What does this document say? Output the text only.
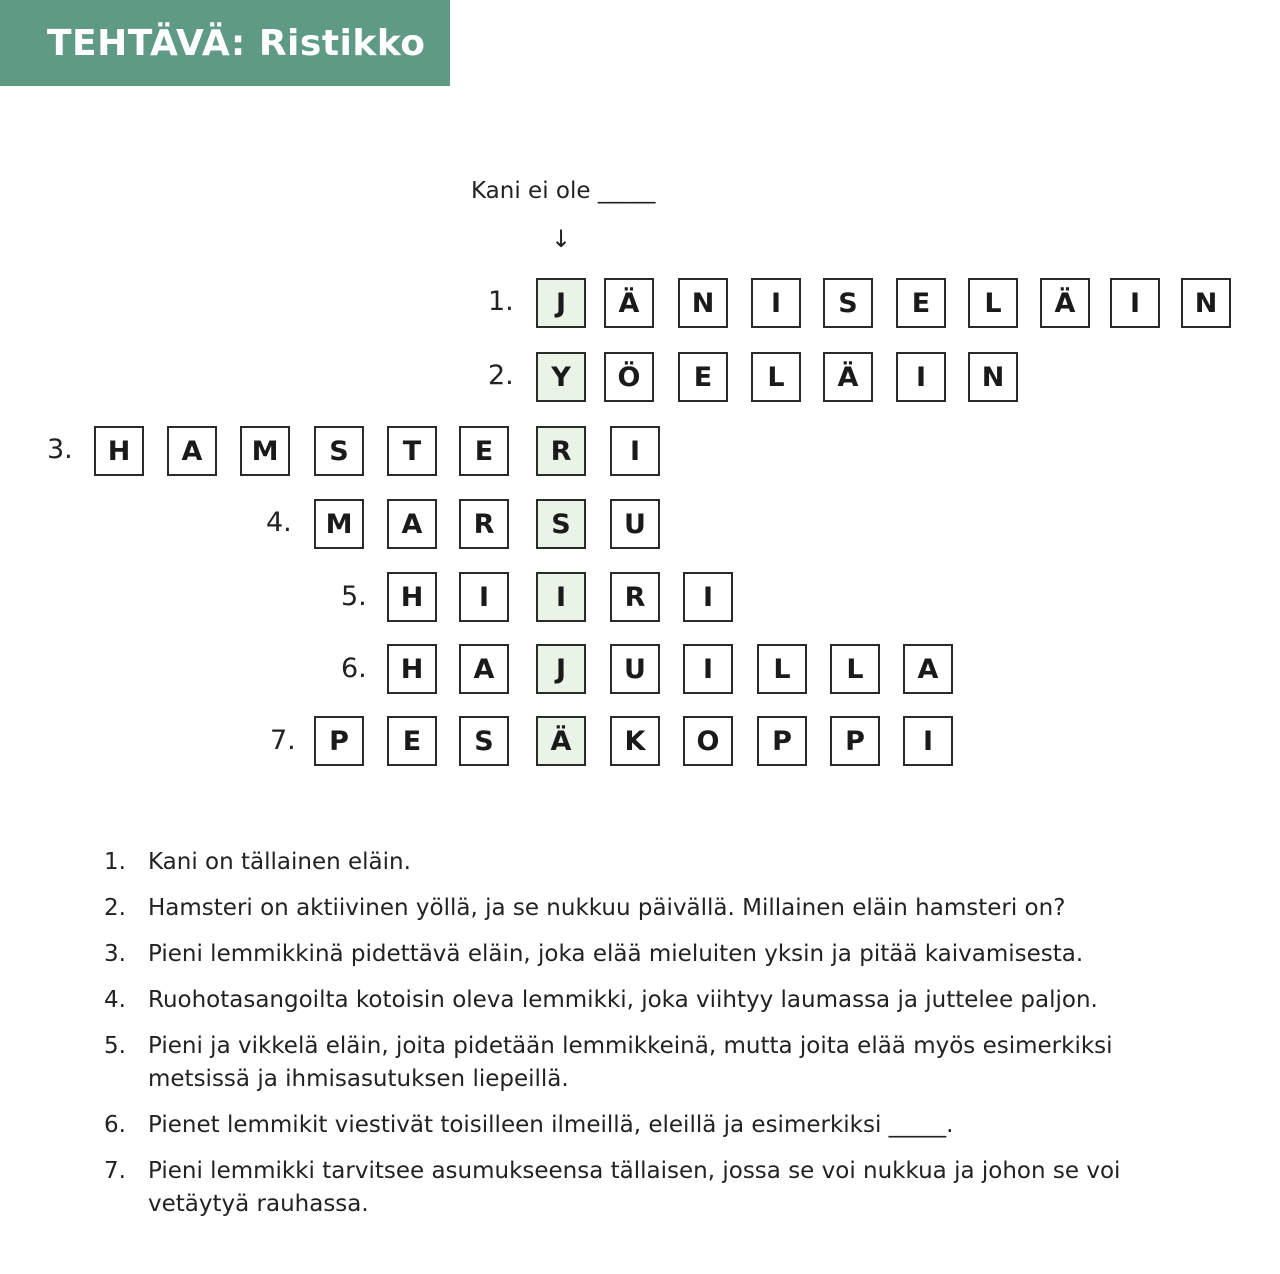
TEHTÄVÄ: Ristikko
Kani ei ole _____
↓
1.	J	Ä	N	I	S	E	L	Ä	I	N
2.	Y	Ö	E	L	Ä	I	N
3.	H	A	M	S	T	E	R	I
4.	M	A	R	S	U
5.	H	I	I	R	I
6.	H	A	J	U	I	L	L	A
7.	P	E	S	Ä	K	O	P	P	I
1. Kani on tällainen eläin.
2. Hamsteri on aktiivinen yöllä, ja se nukkuu päivällä. Millainen eläin hamsteri on?
3. Pieni lemmikkinä pidettävä eläin, joka elää mieluiten yksin ja pitää kaivamisesta.
4. Ruohotasangoilta kotoisin oleva lemmikki, joka viihtyy laumassa ja juttelee paljon.
5. Pieni ja vikkelä eläin, joita pidetään lemmikkeinä, mutta joita elää myös esimerkiksi metsissä ja ihmisasutuksen liepeillä.
6. Pienet lemmikit viestivät toisilleen ilmeillä, eleillä ja esimerkiksi _____.
7. Pieni lemmikki tarvitsee asumukseensa tällaisen, jossa se voi nukkua ja johon se voi vetäytyä rauhassa.
